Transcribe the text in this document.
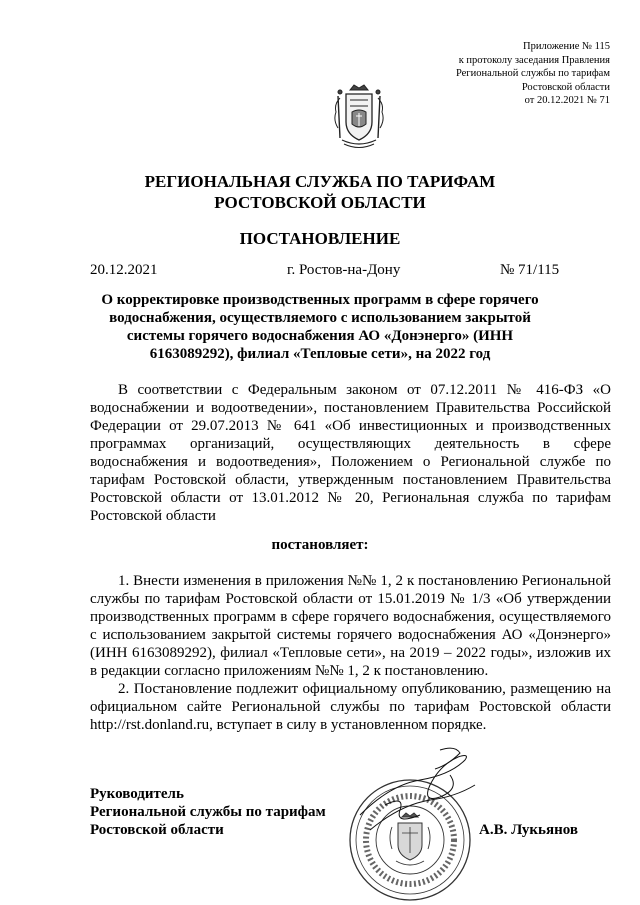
Приложение № 115
к протоколу заседания Правления
Региональной службы по тарифам
Ростовской области
от 20.12.2021 № 71
РЕГИОНАЛЬНАЯ СЛУЖБА ПО ТАРИФАМ
РОСТОВСКОЙ ОБЛАСТИ
ПОСТАНОВЛЕНИЕ
20.12.2021	г. Ростов-на-Дону	№ 71/115
О корректировке производственных программ в сфере горячего водоснабжения, осуществляемого с использованием закрытой системы горячего водоснабжения АО «Донэнерго» (ИНН 6163089292), филиал «Тепловые сети», на 2022 год

В соответствии с Федеральным законом от 07.12.2011 № 416-ФЗ «О водоснабжении и водоотведении», постановлением Правительства Российской Федерации от 29.07.2013 № 641 «Об инвестиционных и производственных программах организаций, осуществляющих деятельность в сфере водоснабжения и водоотведения», Положением о Региональной службе по тарифам Ростовской области, утвержденным постановлением Правительства Ростовской области от 13.01.2012 № 20, Региональная служба по тарифам Ростовской области

постановляет:

1. Внести изменения в приложения №№ 1, 2 к постановлению Региональной службы по тарифам Ростовской области от 15.01.2019 № 1/3 «Об утверждении производственных программ в сфере горячего водоснабжения, осуществляемого с использованием закрытой системы горячего водоснабжения АО «Донэнерго» (ИНН 6163089292), филиал «Тепловые сети», на 2019 – 2022 годы», изложив их в редакции согласно приложениям №№ 1, 2 к постановлению.

2. Постановление подлежит официальному опубликованию, размещению на официальном сайте Региональной службы по тарифам Ростовской области http://rst.donland.ru, вступает в силу в установленном порядке.

Руководитель
Региональной службы по тарифам
Ростовской области	А.В. Лукьянов
